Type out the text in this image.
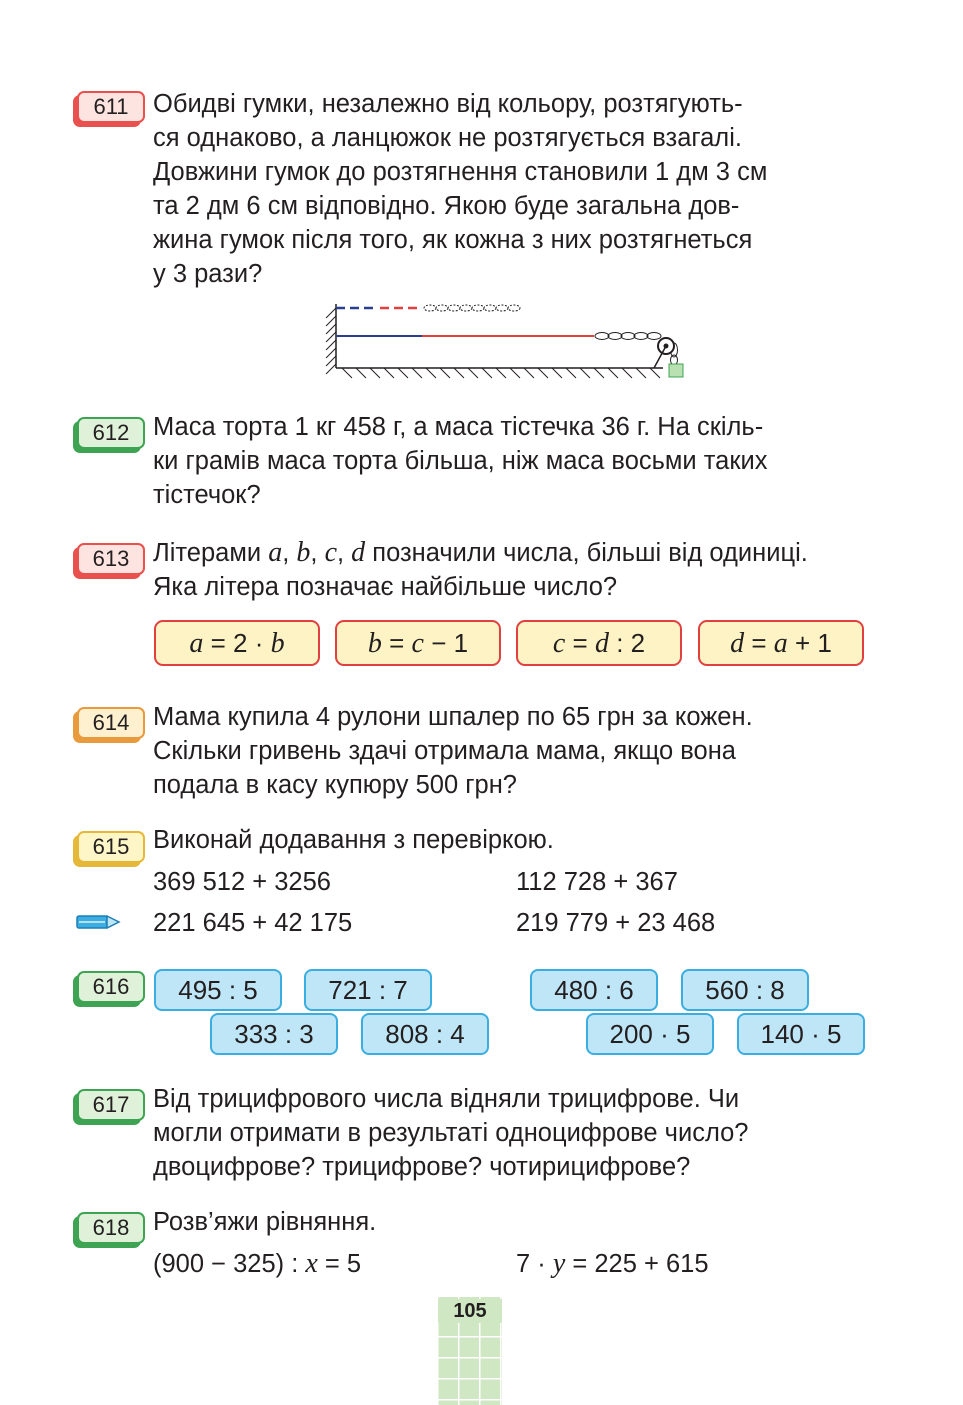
611 Обидві гумки, незалежно від кольору, розтягують-

ся однаково, а ланцюжок не розтягується взагалі.

Довжини гумок до розтягнення становили 1 дм 3 см

та 2 дм 6 см відповідно. Якою буде загальна дов-

жина гумок після того, як кожна з них розтягнеться

у 3 рази?

612 Маса торта 1 кг 458 г, а маса тістечка 36 г. На скіль-

ки грамів маса торта більша, ніж маса восьми таких

тістечок?

613 Літерами a, b, c, d позначили числа, більші від одиниці.
Яка літера позначає найбільше число?
a = 2 · b	b = c − 1	c = d : 2	d = a + 1
614 Мама купила 4 рулони шпалер по 65 грн за кожен.

Скільки гривень здачі отримала мама, якщо вона

подала в касу купюру 500 грн?

615 Виконай додавання з перевіркою.
369 512 + 3256	112 728 + 367
221 645 + 42 175	219 779 + 23 468
616	495 : 5	721 : 7
333 : 3	808 : 4
480 : 6	560 : 8
200 · 5	140 · 5
617 Від трицифрового числа відняли трицифрове. Чи

могли отримати в результаті одноцифрове число?

двоцифрове? трицифрове? чотирицифрове?

618 Розв’яжи рівняння.
(900 − 325) : x = 5	7 · y = 225 + 615
105
